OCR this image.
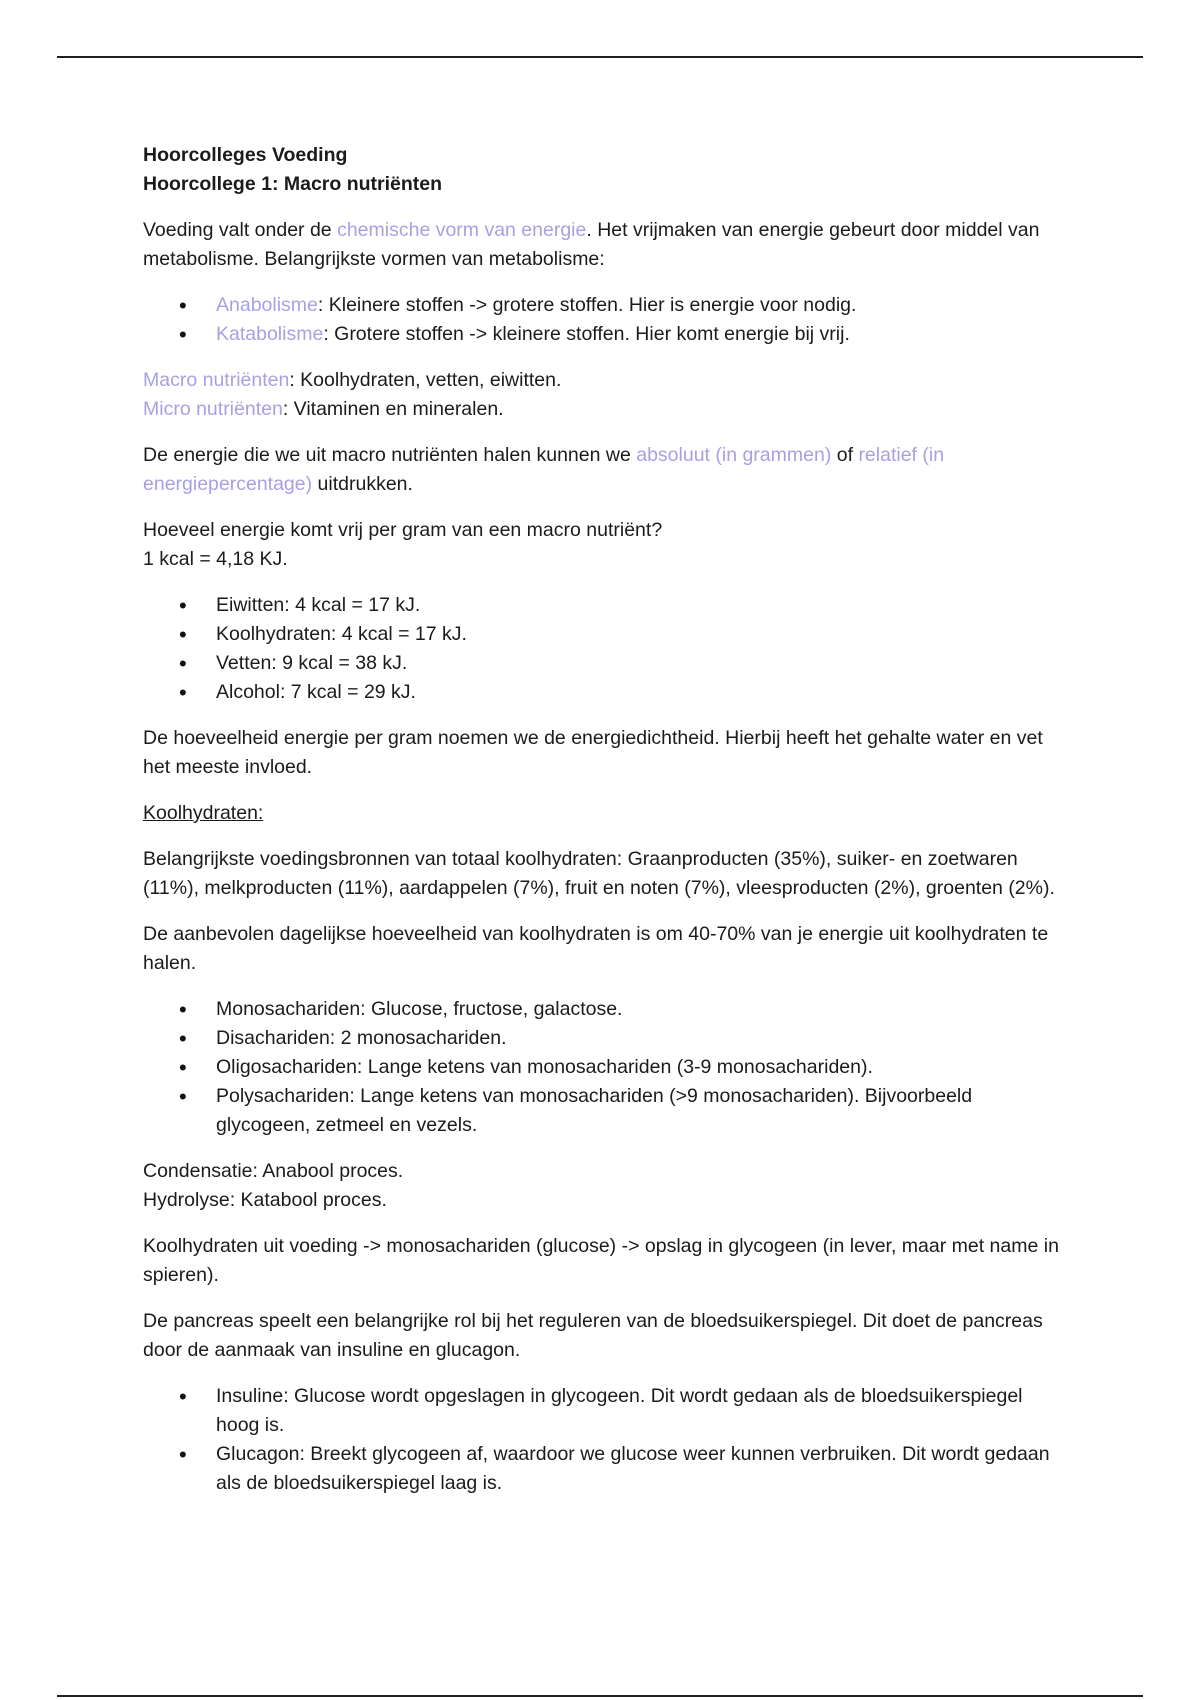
Hoorcolleges Voeding

Hoorcollege 1: Macro nutriënten

Voeding valt onder de chemische vorm van energie. Het vrijmaken van energie gebeurt door middel van metabolisme. Belangrijkste vormen van metabolisme:

• Anabolisme: Kleinere stoffen -> grotere stoffen. Hier is energie voor nodig.
• Katabolisme: Grotere stoffen -> kleinere stoffen. Hier komt energie bij vrij.

Macro nutriënten: Koolhydraten, vetten, eiwitten.
Micro nutriënten: Vitaminen en mineralen.

De energie die we uit macro nutriënten halen kunnen we absoluut (in grammen) of relatief (in energiepercentage) uitdrukken.

Hoeveel energie komt vrij per gram van een macro nutriënt?
1 kcal = 4,18 KJ.

• Eiwitten: 4 kcal = 17 kJ.
• Koolhydraten: 4 kcal = 17 kJ.
• Vetten: 9 kcal = 38 kJ.
• Alcohol: 7 kcal = 29 kJ.

De hoeveelheid energie per gram noemen we de energiedichtheid. Hierbij heeft het gehalte water en vet het meeste invloed.

Koolhydraten:

Belangrijkste voedingsbronnen van totaal koolhydraten: Graanproducten (35%), suiker- en zoetwaren (11%), melkproducten (11%), aardappelen (7%), fruit en noten (7%), vleesproducten (2%), groenten (2%).

De aanbevolen dagelijkse hoeveelheid van koolhydraten is om 40-70% van je energie uit koolhydraten te halen.

• Monosachariden: Glucose, fructose, galactose.
• Disachariden: 2 monosachariden.
• Oligosachariden: Lange ketens van monosachariden (3-9 monosachariden).
• Polysachariden: Lange ketens van monosachariden (>9 monosachariden). Bijvoorbeeld glycogeen, zetmeel en vezels.

Condensatie: Anabool proces.
Hydrolyse: Katabool proces.

Koolhydraten uit voeding -> monosachariden (glucose) -> opslag in glycogeen (in lever, maar met name in spieren).

De pancreas speelt een belangrijke rol bij het reguleren van de bloedsuikerspiegel. Dit doet de pancreas door de aanmaak van insuline en glucagon.

• Insuline: Glucose wordt opgeslagen in glycogeen. Dit wordt gedaan als de bloedsuikerspiegel hoog is.
• Glucagon: Breekt glycogeen af, waardoor we glucose weer kunnen verbruiken. Dit wordt gedaan als de bloedsuikerspiegel laag is.
